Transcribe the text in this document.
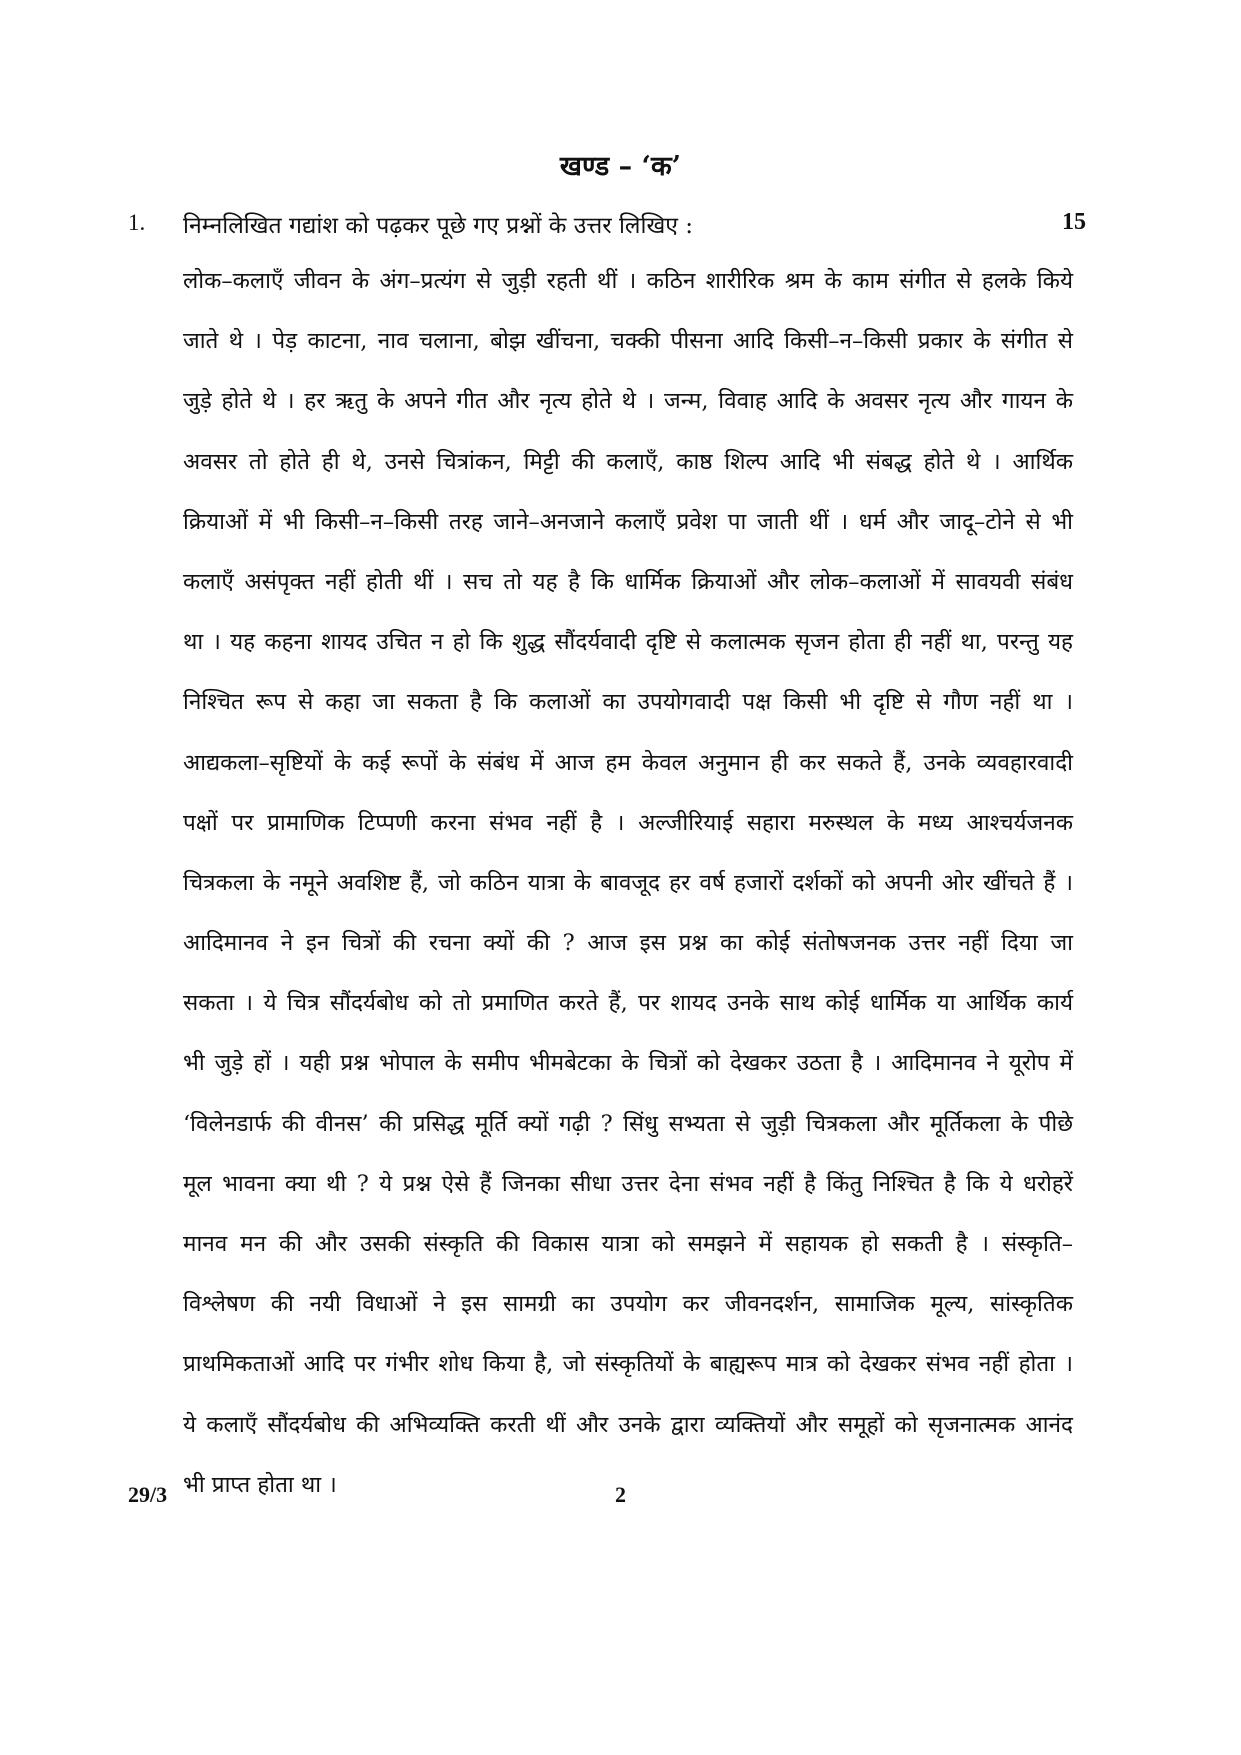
खण्ड – ‘क’
1. निम्नलिखित गद्यांश को पढ़कर पूछे गए प्रश्नों के उत्तर लिखिए :	15
लोक–कलाएँ जीवन के अंग–प्रत्यंग से जुड़ी रहती थीं । कठिन शारीरिक श्रम के काम संगीत से हलके किये
जाते थे । पेड़ काटना, नाव चलाना, बोझ खींचना, चक्की पीसना आदि किसी–न–किसी प्रकार के संगीत से
जुड़े होते थे । हर ऋतु के अपने गीत और नृत्य होते थे । जन्म, विवाह आदि के अवसर नृत्य और गायन के
अवसर तो होते ही थे, उनसे चित्रांकन, मिट्टी की कलाएँ, काष्ठ शिल्प आदि भी संबद्ध होते थे । आर्थिक
क्रियाओं में भी किसी–न–किसी तरह जाने–अनजाने कलाएँ प्रवेश पा जाती थीं । धर्म और जादू–टोने से भी
कलाएँ असंपृक्त नहीं होती थीं । सच तो यह है कि धार्मिक क्रियाओं और लोक–कलाओं में सावयवी संबंध
था । यह कहना शायद उचित न हो कि शुद्ध सौंदर्यवादी दृष्टि से कलात्मक सृजन होता ही नहीं था, परन्तु यह
निश्चित रूप से कहा जा सकता है कि कलाओं का उपयोगवादी पक्ष किसी भी दृष्टि से गौण नहीं था ।
आद्यकला–सृष्टियों के कई रूपों के संबंध में आज हम केवल अनुमान ही कर सकते हैं, उनके व्यवहारवादी
पक्षों पर प्रामाणिक टिप्पणी करना संभव नहीं है । अल्जीरियाई सहारा मरुस्थल के मध्य आश्चर्यजनक
चित्रकला के नमूने अवशिष्ट हैं, जो कठिन यात्रा के बावजूद हर वर्ष हजारों दर्शकों को अपनी ओर खींचते हैं ।
आदिमानव ने इन चित्रों की रचना क्यों की ? आज इस प्रश्न का कोई संतोषजनक उत्तर नहीं दिया जा
सकता । ये चित्र सौंदर्यबोध को तो प्रमाणित करते हैं, पर शायद उनके साथ कोई धार्मिक या आर्थिक कार्य
भी जुड़े हों । यही प्रश्न भोपाल के समीप भीमबेटका के चित्रों को देखकर उठता है । आदिमानव ने यूरोप में
‘विलेनडार्फ की वीनस’ की प्रसिद्ध मूर्ति क्यों गढ़ी ? सिंधु सभ्यता से जुड़ी चित्रकला और मूर्तिकला के पीछे
मूल भावना क्या थी ? ये प्रश्न ऐसे हैं जिनका सीधा उत्तर देना संभव नहीं है किंतु निश्चित है कि ये धरोहरें
मानव मन की और उसकी संस्कृति की विकास यात्रा को समझने में सहायक हो सकती है । संस्कृति–
विश्लेषण की नयी विधाओं ने इस सामग्री का उपयोग कर जीवनदर्शन, सामाजिक मूल्य, सांस्कृतिक
प्राथमिकताओं आदि पर गंभीर शोध किया है, जो संस्कृतियों के बाह्यरूप मात्र को देखकर संभव नहीं होता ।
ये कलाएँ सौंदर्यबोध की अभिव्यक्ति करती थीं और उनके द्वारा व्यक्तियों और समूहों को सृजनात्मक आनंद
भी प्राप्त होता था ।
29/3	2
